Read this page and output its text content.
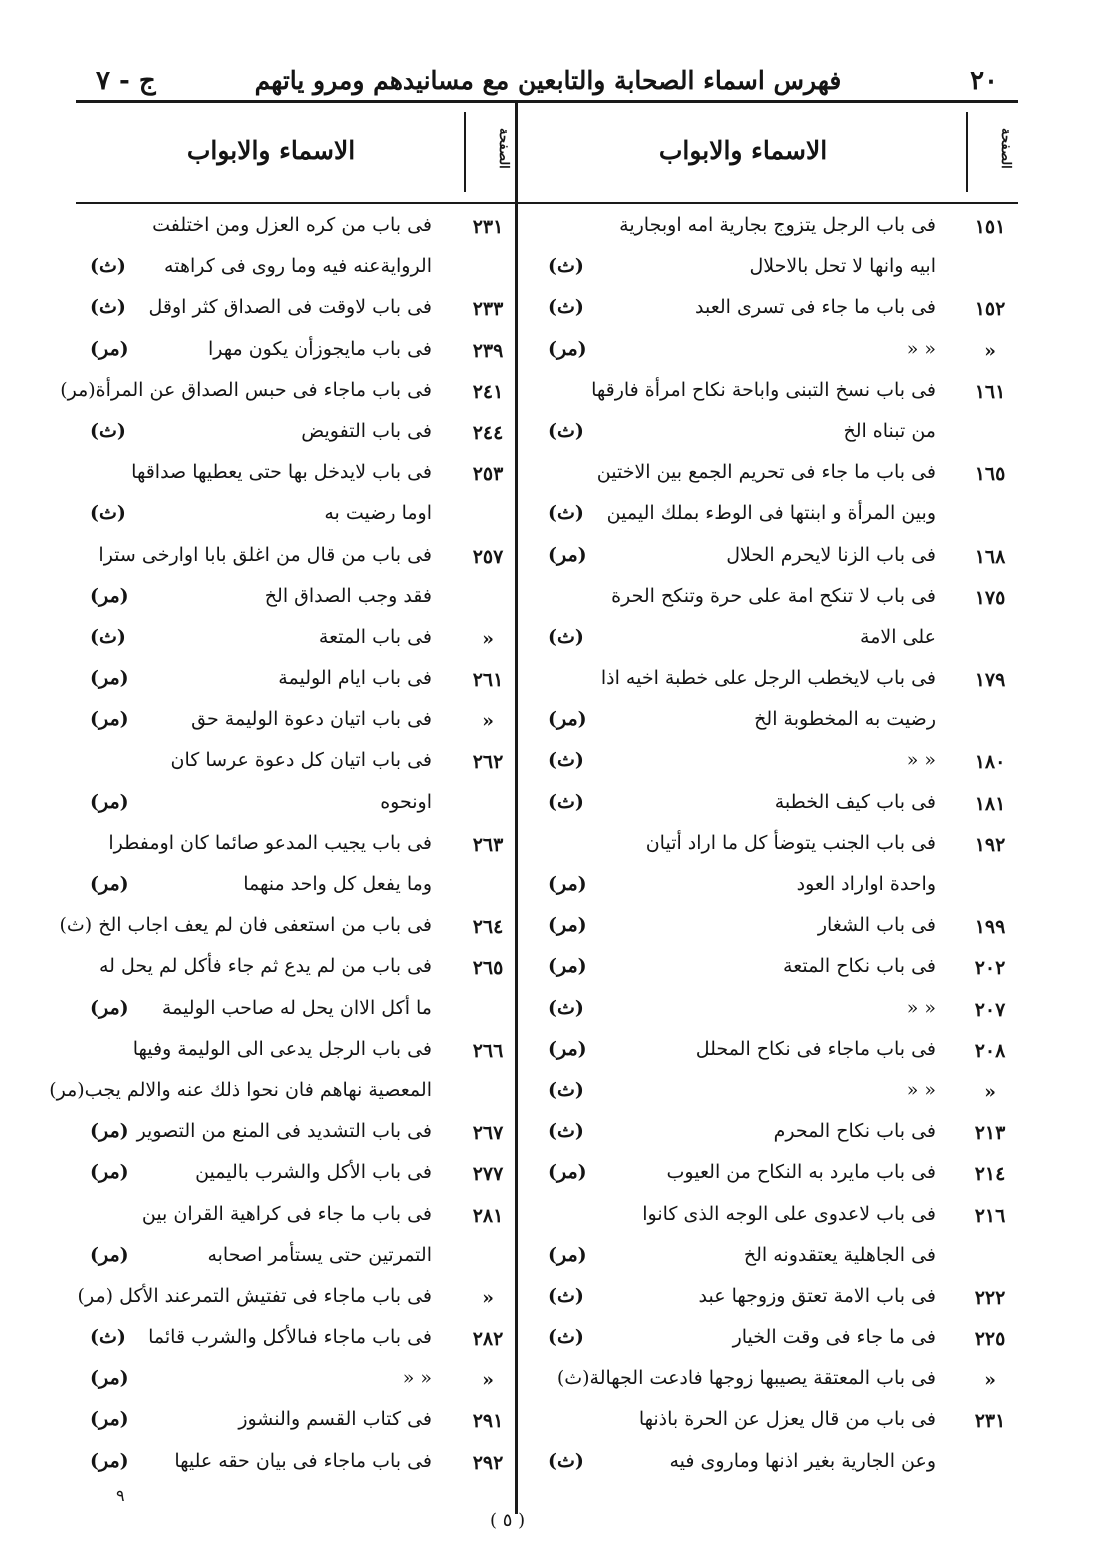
٢٠
فهرس اسماء الصحابة والتابعين مع مسانيدهم ومرو ياتهم
ج - ٧
الصفحة
الاسماء والابواب
١٥١
فى باب الرجل يتزوج بجارية امه اوبجارية
ابيه وانها لا تحل بالاحلال
(ث)
١٥٢
فى باب ما جاء فى تسرى العبد
(ث)
«
« «
(مر)
١٦١
فى باب نسخ التبنى واباحة نكاح امرأة فارقها
من تبناه الخ
(ث)
١٦٥
فى باب ما جاء فى تحريم الجمع بين الاختين
وبين المرأة و ابنتها فى الوطء بملك اليمين
(ث)
١٦٨
فى باب الزنا لايحرم الحلال
(مر)
١٧٥
فى باب لا تنكح امة على حرة وتنكح الحرة
على الامة
(ث)
١٧٩
فى باب لايخطب الرجل على خطبة اخيه اذا
رضيت به المخطوبة الخ
(مر)
١٨٠
« «
(ث)
١٨١
فى باب كيف الخطبة
(ث)
١٩٢
فى باب الجنب يتوضأ كل ما اراد أتيان
واحدة اواراد العود
(مر)
١٩٩
فى باب الشغار
(مر)
٢٠٢
فى باب نكاح المتعة
(مر)
٢٠٧
« «
(ث)
٢٠٨
فى باب ماجاء فى نكاح المحلل
(مر)
«
« «
(ث)
٢١٣
فى باب نكاح المحرم
(ث)
٢١٤
فى باب مايرد به النكاح من العيوب
(مر)
٢١٦
فى باب لاعدوى على الوجه الذى كانوا
فى الجاهلية يعتقدونه الخ
(مر)
٢٢٢
فى باب الامة تعتق وزوجها عبد
(ث)
٢٢٥
فى ما جاء فى وقت الخيار
(ث)
«
فى باب المعتقة يصيبها زوجها فادعت الجهالة(ث)
٢٣١
فى باب من قال يعزل عن الحرة باذنها
وعن الجارية بغير اذنها وماروى فيه
(ث)
الصفحة
الاسماء والابواب
٢٣١
فى باب من كره العزل ومن اختلفت
الروايةعنه فيه وما روى فى كراهته
(ث)
٢٣٣
فى باب لاوقت فى الصداق كثر اوقل
(ث)
٢٣٩
فى باب مايجوزأن يكون مهرا
(مر)
٢٤١
فى باب ماجاء فى حبس الصداق عن المرأة(مر)
٢٤٤
فى باب التفويض
(ث)
٢٥٣
فى باب لايدخل بها حتى يعطيها صداقها
اوما رضيت به
(ث)
٢٥٧
فى باب من قال من اغلق بابا اوارخى سترا
فقد وجب الصداق الخ
(مر)
«
فى باب المتعة
(ث)
٢٦١
فى باب ايام الوليمة
(مر)
«
فى باب اتيان دعوة الوليمة حق
(مر)
٢٦٢
فى باب اتيان كل دعوة عرسا كان
اونحوه
(مر)
٢٦٣
فى باب يجيب المدعو صائما كان اومفطرا
وما يفعل كل واحد منهما
(مر)
٢٦٤
فى باب من استعفى فان لم يعف اجاب الخ (ث)
٢٦٥
فى باب من لم يدع ثم جاء فأكل لم يحل له
ما أكل الاان يحل له صاحب الوليمة
(مر)
٢٦٦
فى باب الرجل يدعى الى الوليمة وفيها
المعصية نهاهم فان نحوا ذلك عنه والالم يجب(مر)
٢٦٧
فى باب التشديد فى المنع من التصوير
(مر)
٢٧٧
فى باب الأكل والشرب باليمين
(مر)
٢٨١
فى باب ما جاء فى كراهية القران بين
التمرتين حتى يستأمر اصحابه
(مر)
«
فى باب ماجاء فى تفتيش التمرعند الأكل (مر)
٢٨٢
فى باب ماجاء فىالأكل والشرب قائما
(ث)
«
« «
(مر)
٢٩١
فى كتاب القسم والنشوز
(مر)
٢٩٢
فى باب ماجاء فى بيان حقه عليها
(مر)
٩
( ٥ )
